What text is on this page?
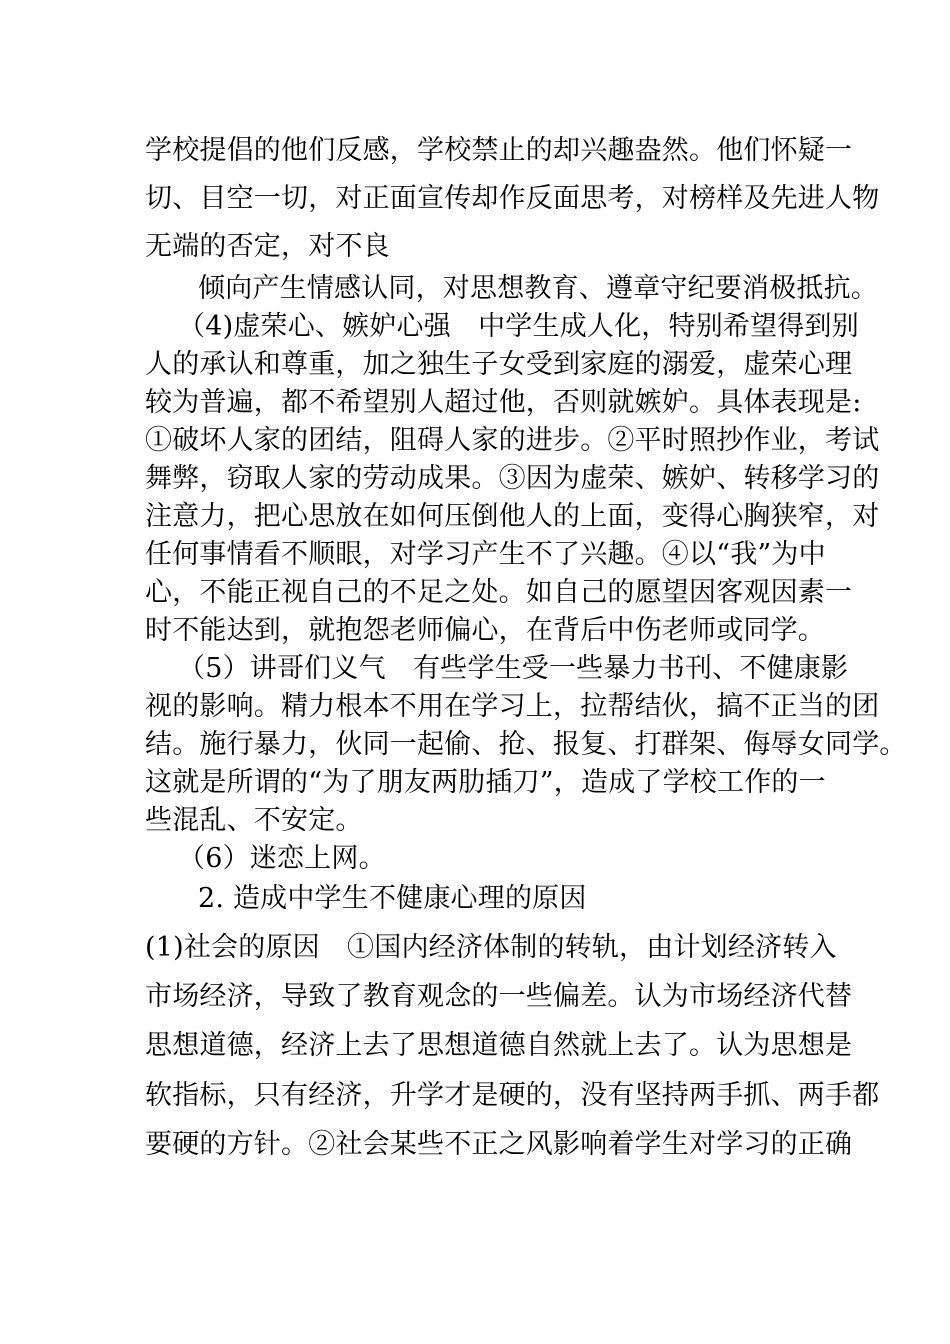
学校提倡的他们反感，学校禁止的却兴趣盎然。他们怀疑一
切、目空一切，对正面宣传却作反面思考，对榜样及先进人物
无端的否定，对不良
倾向产生情感认同，对思想教育、遵章守纪要消极抵抗。
（4)虚荣心、嫉妒心强　中学生成人化，特别希望得到别
人的承认和尊重，加之独生子女受到家庭的溺爱，虚荣心理
较为普遍，都不希望别人超过他，否则就嫉妒。具体表现是:
①破坏人家的团结，阻碍人家的进步。②平时照抄作业，考试
舞弊，窃取人家的劳动成果。③因为虚荣、嫉妒、转移学习的
注意力，把心思放在如何压倒他人的上面，变得心胸狭窄，对
任何事情看不顺眼，对学习产生不了兴趣。④以“我”为中
心，不能正视自己的不足之处。如自己的愿望因客观因素一
时不能达到，就抱怨老师偏心，在背后中伤老师或同学。
（5）讲哥们义气　有些学生受一些暴力书刊、不健康影
视的影响。精力根本不用在学习上，拉帮结伙，搞不正当的团
结。施行暴力，伙同一起偷、抢、报复、打群架、侮辱女同学。
这就是所谓的“为了朋友两肋插刀”，造成了学校工作的一
些混乱、不安定。
（6）迷恋上网。
2. 造成中学生不健康心理的原因
(1)社会的原因　①国内经济体制的转轨，由计划经济转入
市场经济，导致了教育观念的一些偏差。认为市场经济代替
思想道德，经济上去了思想道德自然就上去了。认为思想是
软指标，只有经济，升学才是硬的，没有坚持两手抓、两手都
要硬的方针。②社会某些不正之风影响着学生对学习的正确
